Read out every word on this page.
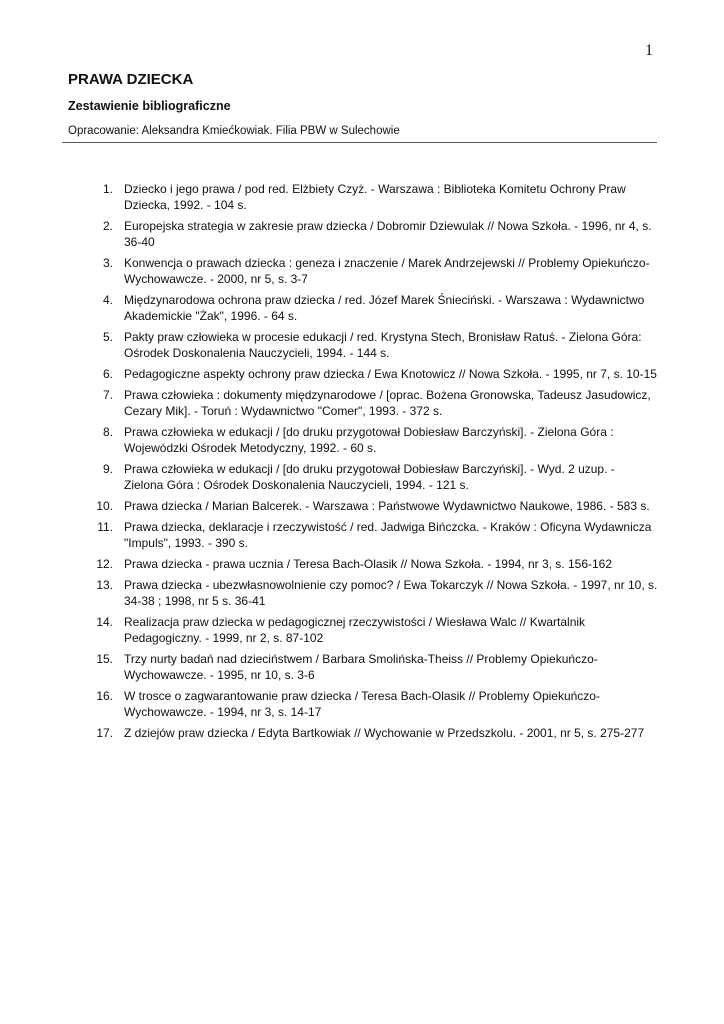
1
PRAWA DZIECKA
Zestawienie bibliograficzne
Opracowanie: Aleksandra Kmiećkowiak. Filia PBW w Sulechowie
1. Dziecko i jego prawa / pod red. Elżbiety Czyż. - Warszawa : Biblioteka Komitetu Ochrony Praw
Dziecka, 1992. - 104 s.
2. Europejska strategia w zakresie praw dziecka / Dobromir Dziewulak // Nowa Szkoła. - 1996, nr 4, s.
36-40
3. Konwencja o prawach dziecka : geneza i znaczenie / Marek Andrzejewski // Problemy Opiekuńczo-
Wychowawcze. - 2000, nr 5, s. 3-7
4. Międzynarodowa ochrona praw dziecka / red. Józef Marek Śnieciński. - Warszawa : Wydawnictwo
Akademickie "Żak", 1996. - 64 s.
5. Pakty praw człowieka w procesie edukacji / red. Krystyna Stech, Bronisław Ratuś. - Zielona Góra:
Ośrodek Doskonalenia Nauczycieli, 1994. - 144 s.
6. Pedagogiczne aspekty ochrony praw dziecka / Ewa Knotowicz // Nowa Szkoła. - 1995, nr 7, s. 10-15
7. Prawa człowieka : dokumenty międzynarodowe / [oprac. Bożena Gronowska, Tadeusz Jasudowicz,
Cezary Mik]. - Toruń : Wydawnictwo "Comer", 1993. - 372 s.
8. Prawa człowieka w edukacji / [do druku przygotował Dobiesław Barczyński]. - Zielona Góra :
Wojewódzki Ośrodek Metodyczny, 1992. - 60 s.
9. Prawa człowieka w edukacji / [do druku przygotował Dobiesław Barczyński]. - Wyd. 2 uzup. -
Zielona Góra : Ośrodek Doskonalenia Nauczycieli, 1994. - 121 s.
10. Prawa dziecka / Marian Balcerek. - Warszawa : Państwowe Wydawnictwo Naukowe, 1986. - 583 s.
11. Prawa dziecka, deklaracje i rzeczywistość / red. Jadwiga Bińczcka. - Kraków : Oficyna Wydawnicza
"Impuls", 1993. - 390 s.
12. Prawa dziecka - prawa ucznia / Teresa Bach-Olasik // Nowa Szkoła. - 1994, nr 3, s. 156-162
13. Prawa dziecka - ubezwłasnowolnienie czy pomoc? / Ewa Tokarczyk // Nowa Szkoła. - 1997, nr 10, s.
34-38 ; 1998, nr 5 s. 36-41
14. Realizacja praw dziecka w pedagogicznej rzeczywistości / Wiesława Walc // Kwartalnik
Pedagogiczny. - 1999, nr 2, s. 87-102
15. Trzy nurty badań nad dzieciństwem / Barbara Smolińska-Theiss // Problemy Opiekuńczo-
Wychowawcze. - 1995, nr 10, s. 3-6
16. W trosce o zagwarantowanie praw dziecka / Teresa Bach-Olasik // Problemy Opiekuńczo-
Wychowawcze. - 1994, nr 3, s. 14-17
17. Z dziejów praw dziecka / Edyta Bartkowiak // Wychowanie w Przedszkolu. - 2001, nr 5, s. 275-277
